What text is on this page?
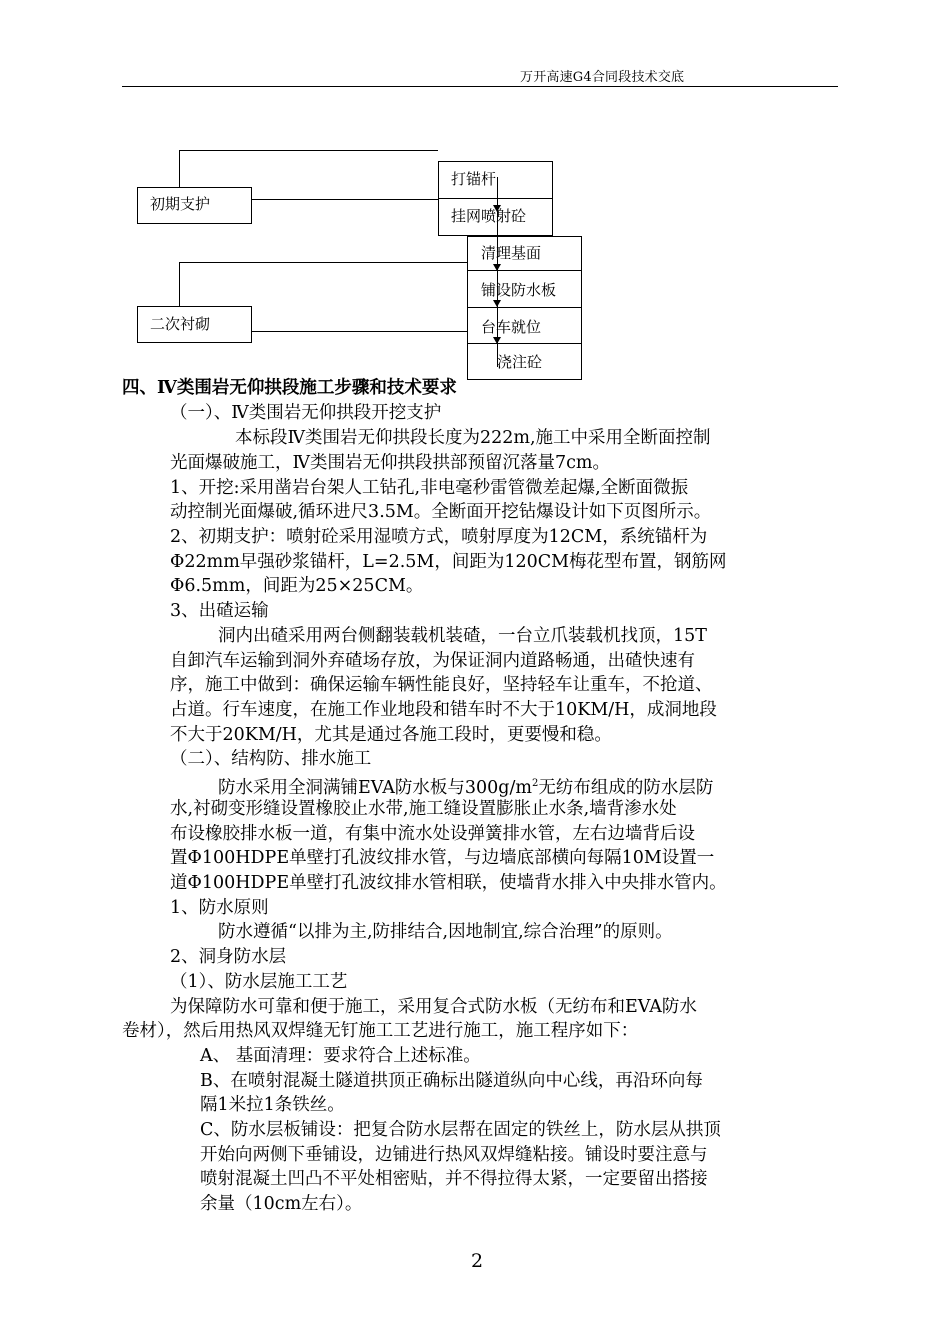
万开高速G4合同段技术交底
初期支护
二次衬砌
打锚杆
挂网喷射砼
清理基面
铺设防水板
台车就位
浇注砼
四、Ⅳ类围岩无仰拱段施工步骤和技术要求
（一）、Ⅳ类围岩无仰拱段开挖支护
本标段Ⅳ类围岩无仰拱段长度为222m,施工中采用全断面控制
光面爆破施工，Ⅳ类围岩无仰拱段拱部预留沉落量7cm。
1、开挖:采用凿岩台架人工钻孔,非电毫秒雷管微差起爆,全断面微振
动控制光面爆破,循环进尺3.5M。全断面开挖钻爆设计如下页图所示。
2、初期支护：喷射砼采用湿喷方式，喷射厚度为12CM，系统锚杆为
Φ22mm早强砂浆锚杆，L=2.5M，间距为120CM梅花型布置，钢筋网
Φ6.5mm，间距为25×25CM。
3、出碴运输
洞内出碴采用两台侧翻装载机装碴，一台立爪装载机找顶，15T
自卸汽车运输到洞外弃碴场存放，为保证洞内道路畅通，出碴快速有
序，施工中做到：确保运输车辆性能良好，坚持轻车让重车，不抢道、
占道。行车速度，在施工作业地段和错车时不大于10KM/H，成洞地段
不大于20KM/H，尤其是通过各施工段时，更要慢和稳。
（二）、结构防、排水施工
防水采用全洞满铺EVA防水板与$300g/m^2$无纺布组成的防水层防
水,衬砌变形缝设置橡胶止水带,施工缝设置膨胀止水条,墙背渗水处
布设橡胶排水板一道，有集中流水处设弹簧排水管，左右边墙背后设
置Φ100HDPE单壁打孔波纹排水管，与边墙底部横向每隔10M设置一
道Φ100HDPE单壁打孔波纹排水管相联，使墙背水排入中央排水管内。
1、防水原则
防水遵循“以排为主,防排结合,因地制宜,综合治理”的原则。
2、洞身防水层
（1）、防水层施工工艺
为保障防水可靠和便于施工，采用复合式防水板（无纺布和EVA防水
卷材），然后用热风双焊缝无钉施工工艺进行施工，施工程序如下：
A、 基面清理：要求符合上述标准。
B、在喷射混凝土隧道拱顶正确标出隧道纵向中心线，再沿环向每
隔1米拉1条铁丝。
C、防水层板铺设：把复合防水层帮在固定的铁丝上，防水层从拱顶
开始向两侧下垂铺设，边铺进行热风双焊缝粘接。铺设时要注意与
喷射混凝土凹凸不平处相密贴，并不得拉得太紧，一定要留出搭接
余量（10cm左右）。
2
